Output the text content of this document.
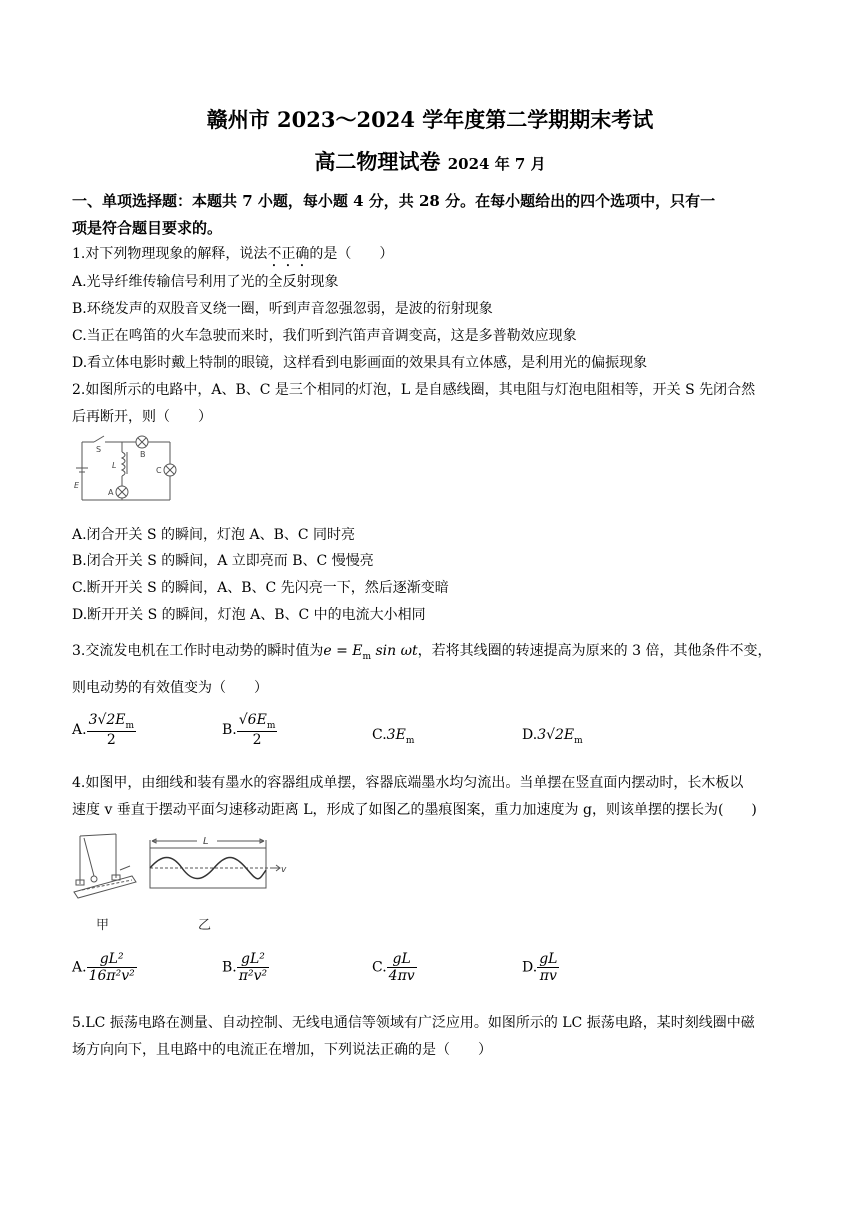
赣州市 2023～2024 学年度第二学期期末考试
高二物理试卷 2024 年 7 月
一、单项选择题：本题共 7 小题，每小题 4 分，共 28 分。在每小题给出的四个选项中，只有一
项是符合题目要求的。
1.对下列物理现象的解释，说法不正确的是（　　）
A.光导纤维传输信号利用了光的全反射现象
B.环绕发声的双股音叉绕一圈，听到声音忽强忽弱，是波的衍射现象
C.当正在鸣笛的火车急驶而来时，我们听到汽笛声音调变高，这是多普勒效应现象
D.看立体电影时戴上特制的眼镜，这样看到电影画面的效果具有立体感，是利用光的偏振现象
2.如图所示的电路中，A、B、C 是三个相同的灯泡，L 是自感线圈，其电阻与灯泡电阻相等，开关 S 先闭合然
后再断开，则（　　）
S
B
L
C
E
A
A.闭合开关 S 的瞬间，灯泡 A、B、C 同时亮
B.闭合开关 S 的瞬间，A 立即亮而 B、C 慢慢亮
C.断开开关 S 的瞬间，A、B、C 先闪亮一下，然后逐渐变暗
D.断开开关 S 的瞬间，灯泡 A、B、C 中的电流大小相同
3.交流发电机在工作时电动势的瞬时值为$e = E_m$ sin ωt，若将其线圈的转速提高为原来的 3 倍，其他条件不变，
则电动势的有效值变为（　　）
A. $\frac{3√2E_m}{2}$	B. $\frac{√6E_m}{2}$	$C.3E_m$	$D.3√2E_m$
4.如图甲，由细线和装有墨水的容器组成单摆，容器底端墨水均匀流出。当单摆在竖直面内摆动时，长木板以
速度 v 垂直于摆动平面匀速移动距离 L，形成了如图乙的墨痕图案，重力加速度为 g，则该单摆的摆长为(　　)
L
v
甲	乙
A. $\frac{\text{gL²}}{\text{16π²v²}}$	B. $\frac{\text{gL²}}{\text{π²v²}}$	C. $\frac{gL}{4\pi v}$	D. $\frac{gL}{\pi v}$
5.LC 振荡电路在测量、自动控制、无线电通信等领域有广泛应用。如图所示的 LC 振荡电路，某时刻线圈中磁
场方向向下，且电路中的电流正在增加，下列说法正确的是（　　）
